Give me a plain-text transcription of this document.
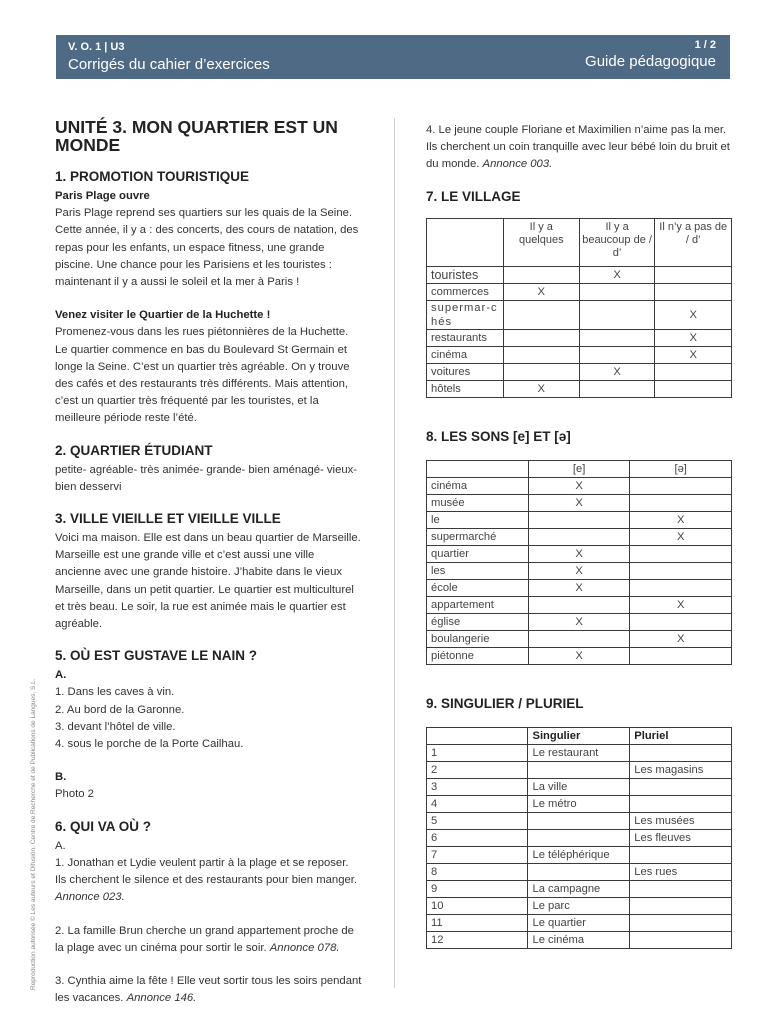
V. O. 1 | U3
Corrigés du cahier d’exercices
1 / 2
Guide pédagogique
Reproduction autorisée © Les auteurs et Difusión, Centre de Recherche et de Publications de Langues, S.L.
UNITÉ 3. MON QUARTIER EST UN MONDE
1. PROMOTION TOURISTIQUE

Paris Plage ouvre

Paris Plage reprend ses quartiers sur les quais de la Seine. Cette année, il y a : des concerts, des cours de natation, des repas pour les enfants, un espace fitness, une grande piscine. Une chance pour les Parisiens et les touristes : maintenant il y a aussi le soleil et la mer à Paris !

Venez visiter le Quartier de la Huchette !

Promenez-vous dans les rues piétonnières de la Huchette. Le quartier commence en bas du Boulevard St Germain et longe la Seine. C’est un quartier très agréable. On y trouve des cafés et des restaurants très différents. Mais attention, c’est un quartier très fréquenté par les touristes, et la meilleure période reste l’été.

2. QUARTIER ÉTUDIANT

petite- agréable- très animée- grande- bien aménagé- vieux-bien desservi

3. VILLE VIEILLE ET VIEILLE VILLE

Voici ma maison. Elle est dans un beau quartier de Marseille. Marseille est une grande ville et c’est aussi une ville ancienne avec une grande histoire. J’habite dans le vieux Marseille, dans un petit quartier. Le quartier est multiculturel et très beau. Le soir, la rue est animée mais le quartier est agréable.

5. OÙ EST GUSTAVE LE NAIN ?

A.

1. Dans les caves à vin.

2. Au bord de la Garonne.

3. devant l’hôtel de ville.

4. sous le porche de la Porte Cailhau.

B.

Photo 2

6. QUI VA OÙ ?

A.

1. Jonathan et Lydie veulent partir à la plage et se reposer. Ils cherchent le silence et des restaurants pour bien manger. Annonce 023.

2. La famille Brun cherche un grand appartement proche de la plage avec un cinéma pour sortir le soir. Annonce 078.

3. Cynthia aime la fête ! Elle veut sortir tous les soirs pendant les vacances. Annonce 146.

4. Le jeune couple Floriane et Maximilien n’aime pas la mer. Ils cherchent un coin tranquille avec leur bébé loin du bruit et du monde. Annonce 003.

7. LE VILLAGE
	Il y a quelques	Il y a beaucoup de / d’	Il n’y a pas de / d’
touristes		X	
commerces	X		
supermar-chés			X
restaurants			X
cinéma			X
voitures		X	
hôtels	X		
8. LES SONS [e] ET [ə]
	[e]	[ə]
cinéma	X	
musée	X	
le		X
supermarché		X
quartier	X	
les	X	
école	X	
appartement		X
église	X	
boulangerie		X
piétonne	X	
9. SINGULIER / PLURIEL
	Singulier	Pluriel
1	Le restaurant	
2		Les magasins
3	La ville	
4	Le métro	
5		Les musées
6		Les fleuves
7	Le téléphérique	
8		Les rues
9	La campagne	
10	Le parc	
11	Le quartier	
12	Le cinéma	
